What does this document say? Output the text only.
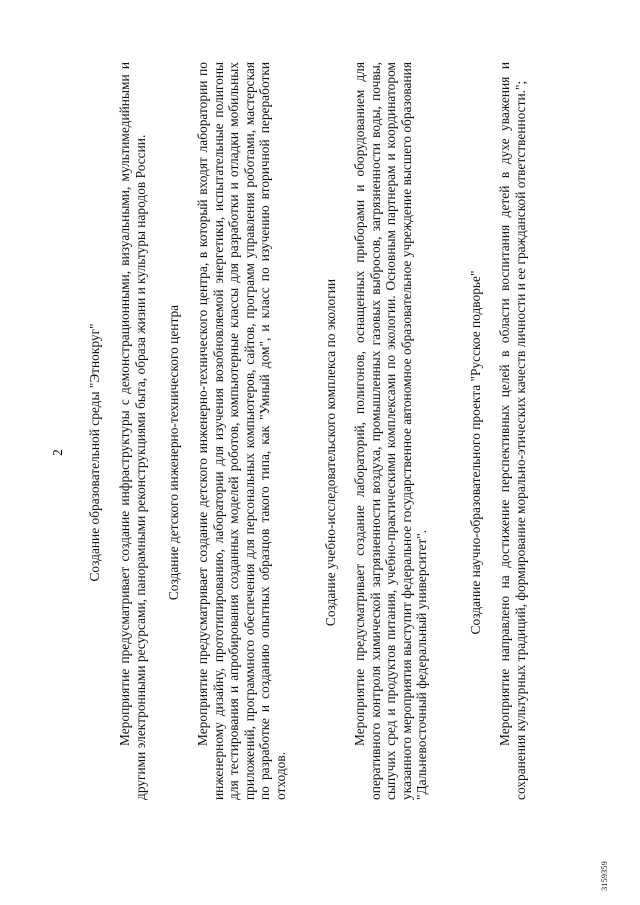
2 Создание образовательной среды "Этнокруг" Мероприятие предусматривает создание инфраструктуры с демонстрационными, визуальными, мультимедийными и другими электронными ресурсами, панорамными реконструкциями быта, образа жизни и культуры народов России. Создание детского инженерно-технического центра Мероприятие предусматривает создание детского инженерно-технического центра, в который входят лаборатории по инженерному дизайну, прототипированию, лаборатории для изучения возобновляемой энергетики, испытательные полигоны для тестирования и апробирования созданных моделей роботов, компьютерные классы для разработки и отладки мобильных приложений, программного обеспечения для персональных компьютеров, сайтов, программ управления роботами, мастерская по разработке и созданию опытных образцов такого типа, как "Умный дом", и класс по изучению вторичной переработки отходов.

Создание учебно-исследовательского комплекса по экологии Мероприятие предусматривает создание лабораторий, полигонов, оснащенных приборами и оборудованием для оперативного контроля химической загрязненности воздуха, промышленных газовых выбросов, загрязненности воды, почвы, сыпучих сред и продуктов питания, учебно-практическими комплексами по экологии. Основным партнерам и координатором указанного мероприятия выступит федеральное государственное автономное образовательное учреждение высшего образования "Дальневосточный федеральный университет".

Создание научно-образовательного проекта "Русское подворье" Мероприятие направлено на достижение перспективных целей в области воспитания детей в духе уважения и сохранения культурных традиций, формирование морально-этических качеств личности и ее гражданской ответственности.";

3159359
